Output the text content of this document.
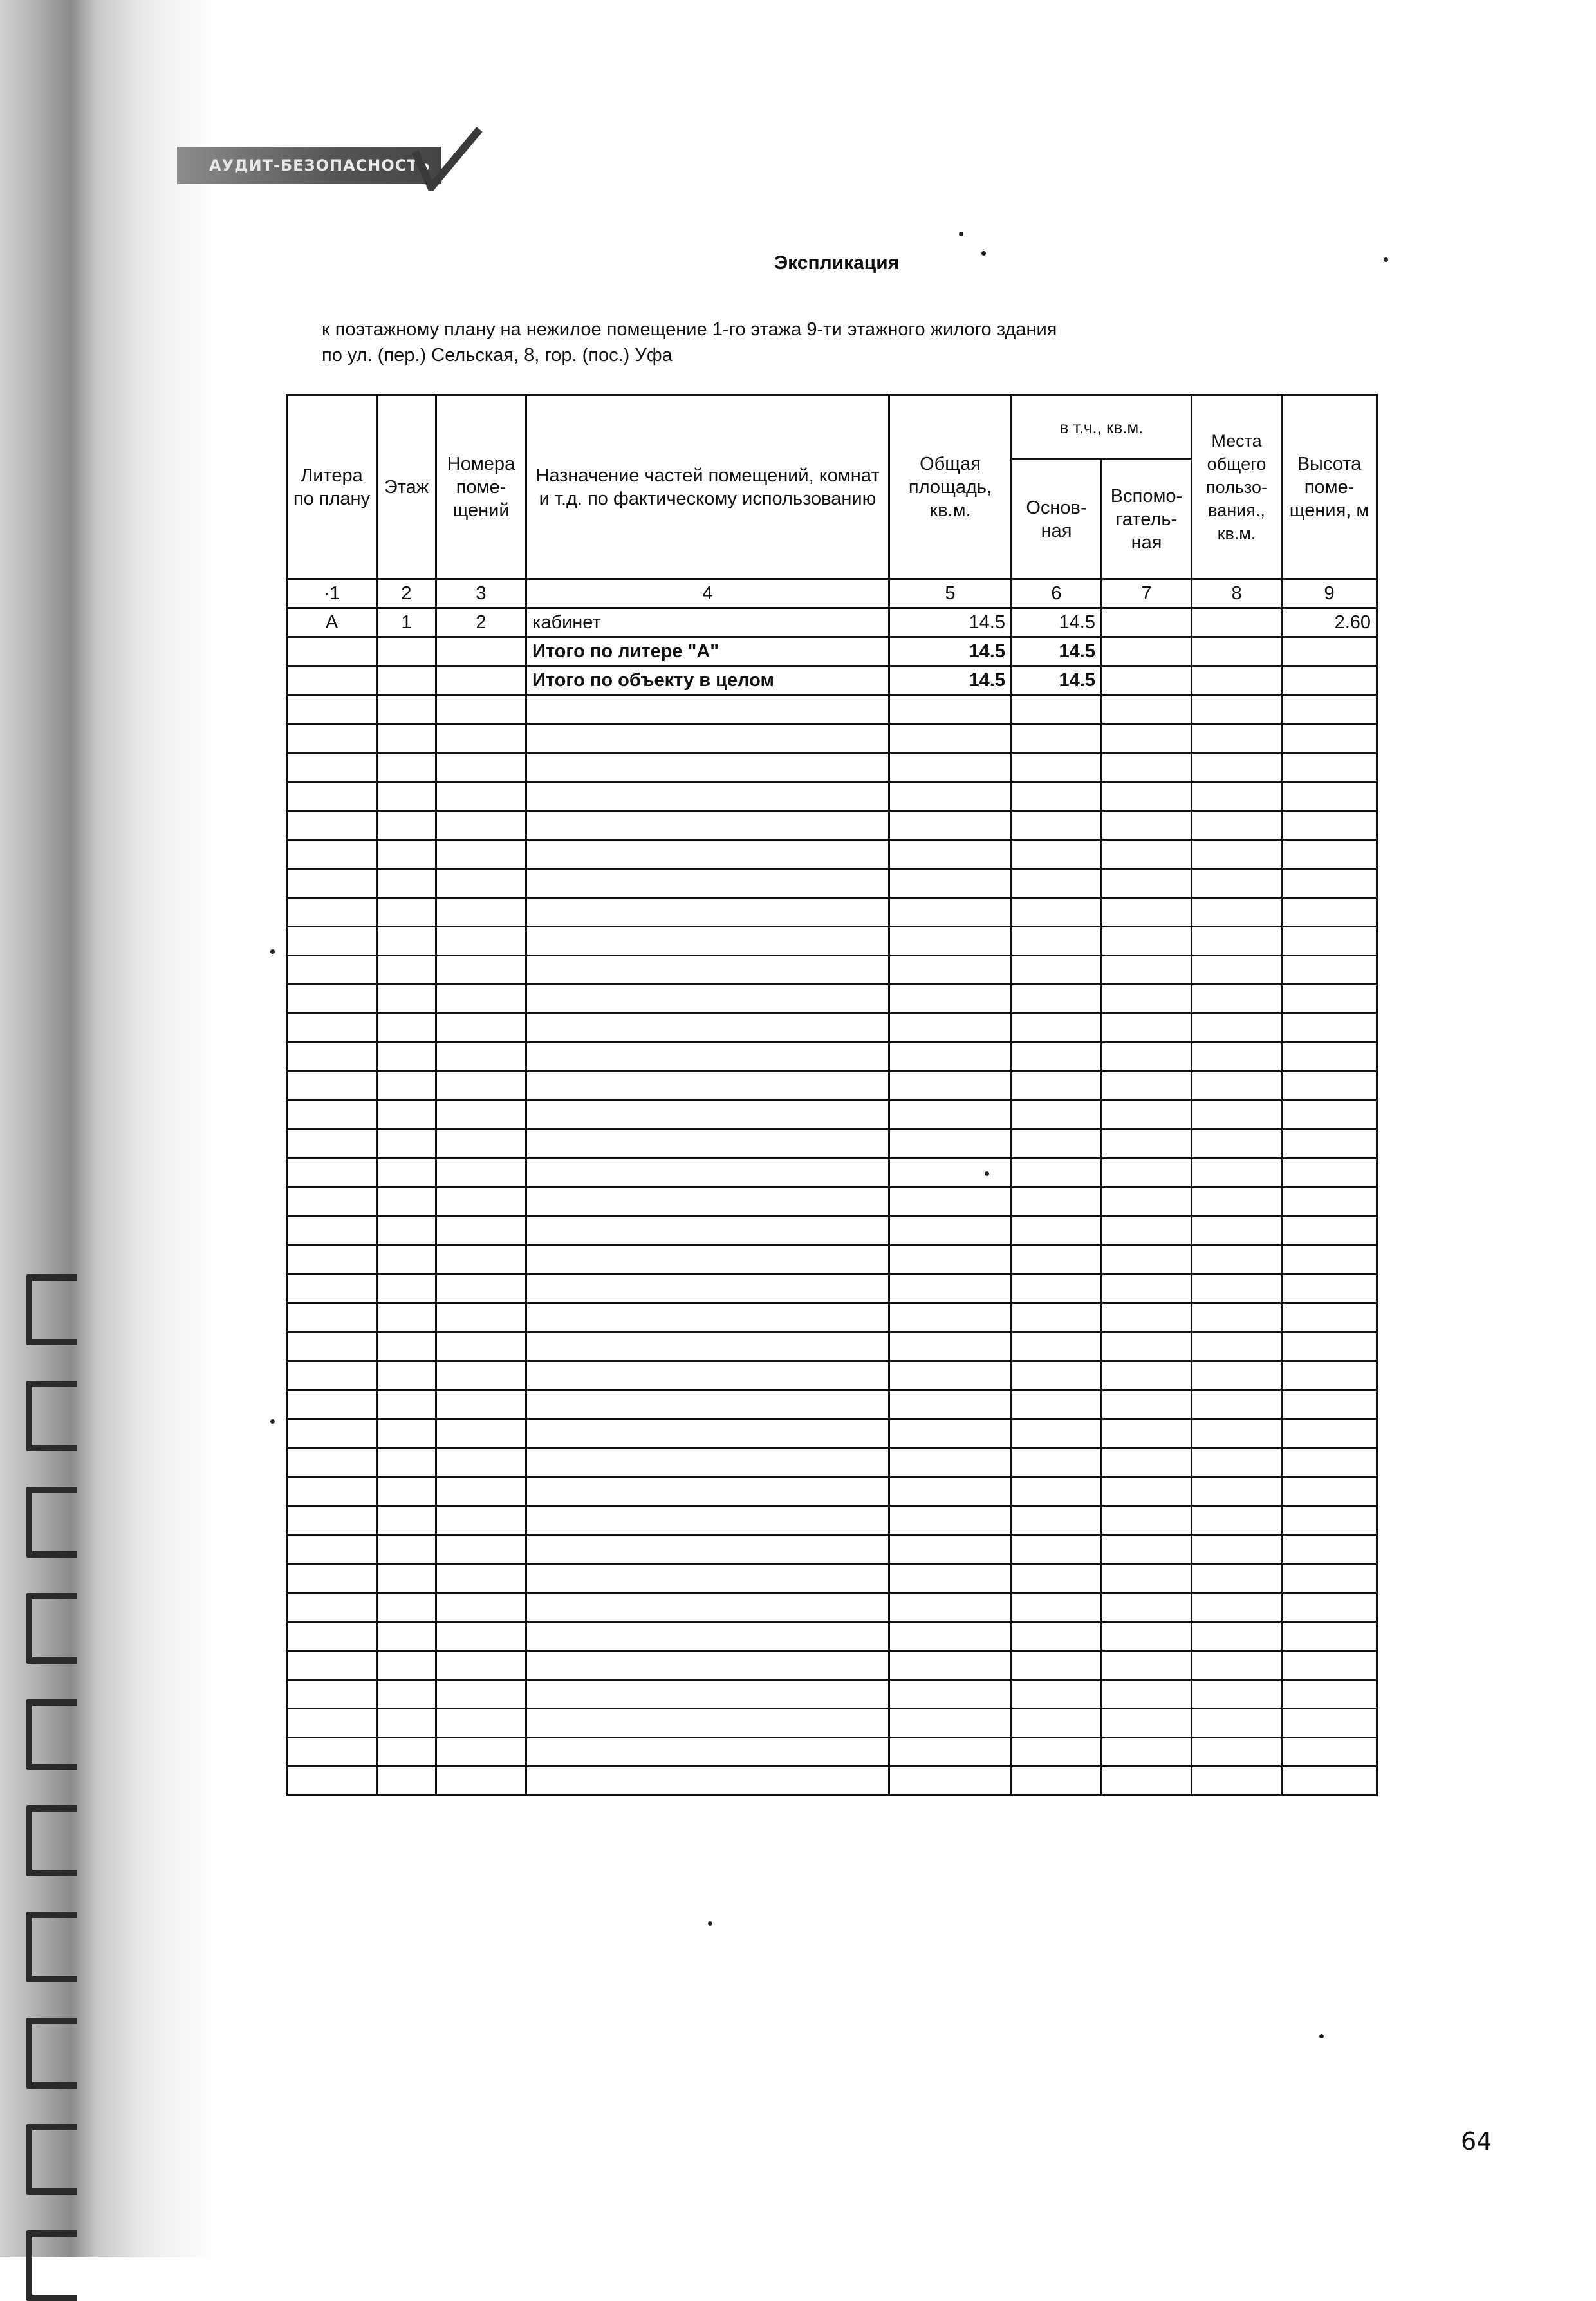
АУДИТ-БЕЗОПАСНОСТЬ
Экспликация
к поэтажному плану на нежилое помещение 1-го этажа 9-ти этажного жилого здания
по ул. (пер.) Сельская, 8, гор. (пос.) Уфа
Литера по плану	Этаж	Номера поме-щений	Назначение частей помещений, комнат и т.д. по фактическому использованию	Общая площадь, кв.м.	в т.ч., кв.м.		Места общего пользо-вания., кв.м.	Высота поме-щения, м
					Основ-ная	Вспомо-гатель-ная		
·1	2	3	4	5	6	7	8	9
А	1	2	кабинет	14.5	14.5			2.60
			Итого по литере "А"	14.5	14.5			
			Итого по объекту в целом	14.5	14.5			

64
